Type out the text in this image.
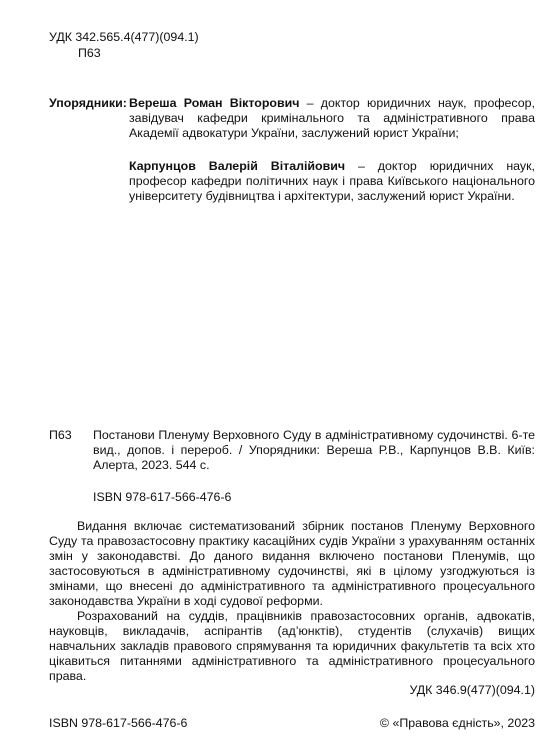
УДК 342.565.4(477)(094.1)
П63
Упорядники: Вереша Роман Вікторович – доктор юридичних наук, професор, завідувач кафедри кримінального та адміністративного права Академії адвокатури України, заслужений юрист України;
Карпунцов Валерій Віталійович – доктор юридичних наук, професор кафедри політичних наук і права Київського національного університету будівництва і архітектури, заслужений юрист України.
П63	Постанови Пленуму Верховного Суду в адміністративному судочинстві. 6-те вид., допов. і перероб. / Упорядники: Вереша Р.В., Карпунцов В.В. Київ: Алерта, 2023. 544 с.
ISBN 978-617-566-476-6

Видання включає систематизований збірник постанов Пленуму Верховного Суду та правозастосовну практику касаційних судів України з урахуванням останніх змін у законодавстві. До даного видання включено постанови Пленумів, що застосовуються в адміністративному судочинстві, які в цілому узгоджуються із змінами, що внесені до адміністративного та адміністративного процесуального законодавства України в ході судової реформи.

Розрахований на суддів, працівників правозастосовних органів, адвокатів, науковців, викладачів, аспірантів (ад’юнктів), студентів (слухачів) вищих навчальних закладів правового спрямування та юридичних факультетів та всіх хто цікавиться питаннями адміністративного та адміністративного процесуального права.

УДК 346.9(477)(094.1)
ISBN 978-617-566-476-6	© «Правова єдність», 2023
